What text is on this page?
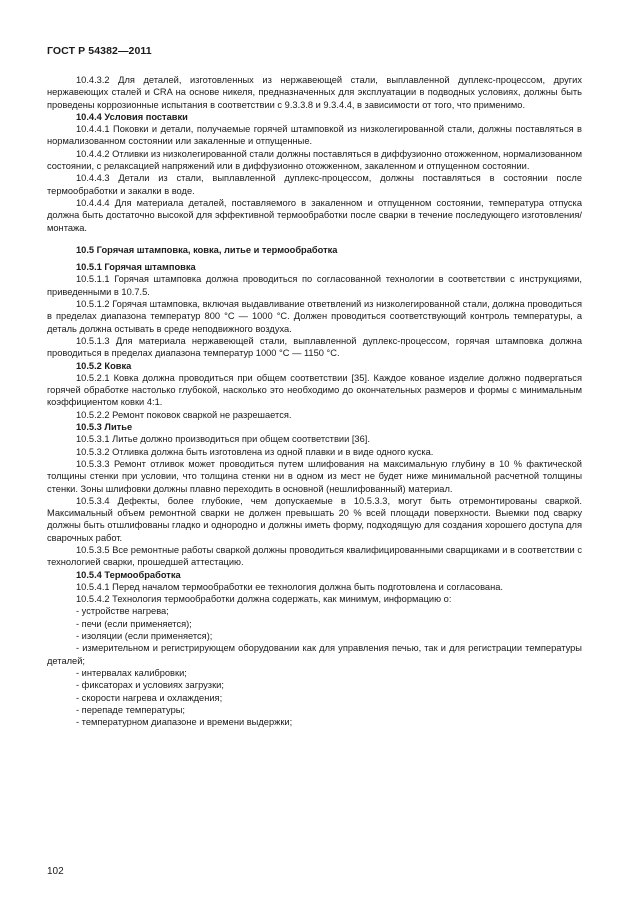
ГОСТ Р 54382—2011

10.4.3.2 Для деталей, изготовленных из нержавеющей стали, выплавленной дуплекс-процессом, других нержавеющих сталей и CRA на основе никеля, предназначенных для эксплуатации в подводных условиях, должны быть проведены коррозионные испытания в соответствии с 9.3.3.8 и 9.3.4.4, в зависимости от того, что применимо.

10.4.4 Условия поставки

10.4.4.1 Поковки и детали, получаемые горячей штамповкой из низколегированной стали, должны поставляться в нормализованном состоянии или закаленные и отпущенные.

10.4.4.2 Отливки из низколегированной стали должны поставляться в диффузионно отожженном, нормализованном состоянии, с релаксацией напряжений или в диффузионно отожженном, закаленном и отпущенном состоянии.

10.4.4.3 Детали из стали, выплавленной дуплекс-процессом, должны поставляться в состоянии после термообработки и закалки в воде.

10.4.4.4 Для материала деталей, поставляемого в закаленном и отпущенном состоянии, температура отпуска должна быть достаточно высокой для эффективной термообработки после сварки в течение последующего изготовления/монтажа.

10.5 Горячая штамповка, ковка, литье и термообработка

10.5.1 Горячая штамповка

10.5.1.1 Горячая штамповка должна проводиться по согласованной технологии в соответствии с инструкциями, приведенными в 10.7.5.

10.5.1.2 Горячая штамповка, включая выдавливание ответвлений из низколегированной стали, должна проводиться в пределах диапазона температур 800 °С — 1000 °С. Должен проводиться соответствующий контроль температуры, а деталь должна остывать в среде неподвижного воздуха.

10.5.1.3 Для материала нержавеющей стали, выплавленной дуплекс-процессом, горячая штамповка должна проводиться в пределах диапазона температур 1000 °С — 1150 °С.

10.5.2 Ковка

10.5.2.1 Ковка должна проводиться при общем соответствии [35]. Каждое кованое изделие должно подвергаться горячей обработке настолько глубокой, насколько это необходимо до окончательных размеров и формы с минимальным коэффициентом ковки 4:1.

10.5.2.2 Ремонт поковок сваркой не разрешается.

10.5.3 Литье

10.5.3.1 Литье должно производиться при общем соответствии [36].

10.5.3.2 Отливка должна быть изготовлена из одной плавки и в виде одного куска.

10.5.3.3 Ремонт отливок может проводиться путем шлифования на максимальную глубину в 10 % фактической толщины стенки при условии, что толщина стенки ни в одном из мест не будет ниже минимальной расчетной толщины стенки. Зоны шлифовки должны плавно переходить в основной (нешлифованный) материал.

10.5.3.4 Дефекты, более глубокие, чем допускаемые в 10.5.3.3, могут быть отремонтированы сваркой. Максимальный объем ремонтной сварки не должен превышать 20 % всей площади поверхности. Выемки под сварку должны быть отшлифованы гладко и однородно и должны иметь форму, подходящую для создания хорошего доступа для сварочных работ.

10.5.3.5 Все ремонтные работы сваркой должны проводиться квалифицированными сварщиками и в соответствии с технологией сварки, прошедшей аттестацию.

10.5.4 Термообработка

10.5.4.1 Перед началом термообработки ее технология должна быть подготовлена и согласована.

10.5.4.2 Технология термообработки должна содержать, как минимум, информацию о:

- устройстве нагрева;

- печи (если применяется);

- изоляции (если применяется);

- измерительном и регистрирующем оборудовании как для управления печью, так и для регистрации температуры деталей;

- интервалах калибровки;

- фиксаторах и условиях загрузки;

- скорости нагрева и охлаждения;

- перепаде температуры;

- температурном диапазоне и времени выдержки;

102
